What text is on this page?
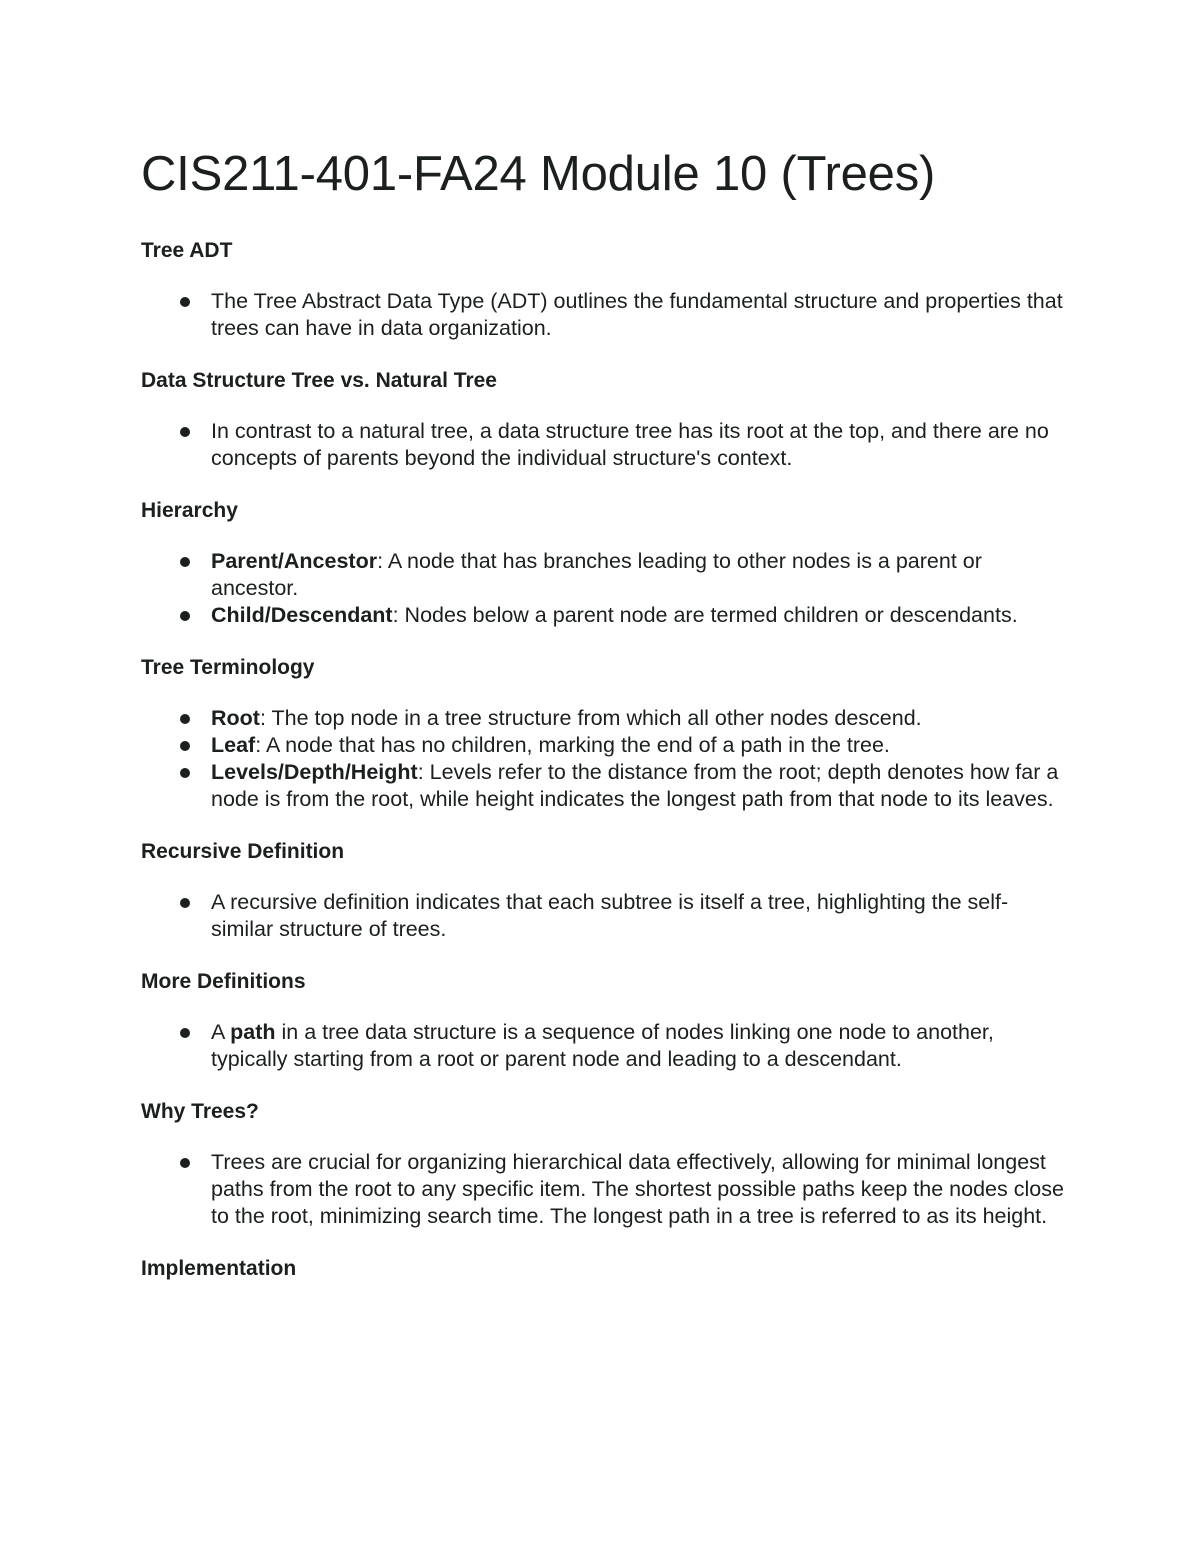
CIS211-401-FA24 Module 10 (Trees)
Tree ADT
The Tree Abstract Data Type (ADT) outlines the fundamental structure and properties that trees can have in data organization.
Data Structure Tree vs. Natural Tree
In contrast to a natural tree, a data structure tree has its root at the top, and there are no concepts of parents beyond the individual structure's context.
Hierarchy
Parent/Ancestor: A node that has branches leading to other nodes is a parent or ancestor.
Child/Descendant: Nodes below a parent node are termed children or descendants.
Tree Terminology
Root: The top node in a tree structure from which all other nodes descend.
Leaf: A node that has no children, marking the end of a path in the tree.
Levels/Depth/Height: Levels refer to the distance from the root; depth denotes how far a node is from the root, while height indicates the longest path from that node to its leaves.
Recursive Definition
A recursive definition indicates that each subtree is itself a tree, highlighting the self-similar structure of trees.
More Definitions
A path in a tree data structure is a sequence of nodes linking one node to another, typically starting from a root or parent node and leading to a descendant.
Why Trees?
Trees are crucial for organizing hierarchical data effectively, allowing for minimal longest paths from the root to any specific item. The shortest possible paths keep the nodes close to the root, minimizing search time. The longest path in a tree is referred to as its height.
Implementation
